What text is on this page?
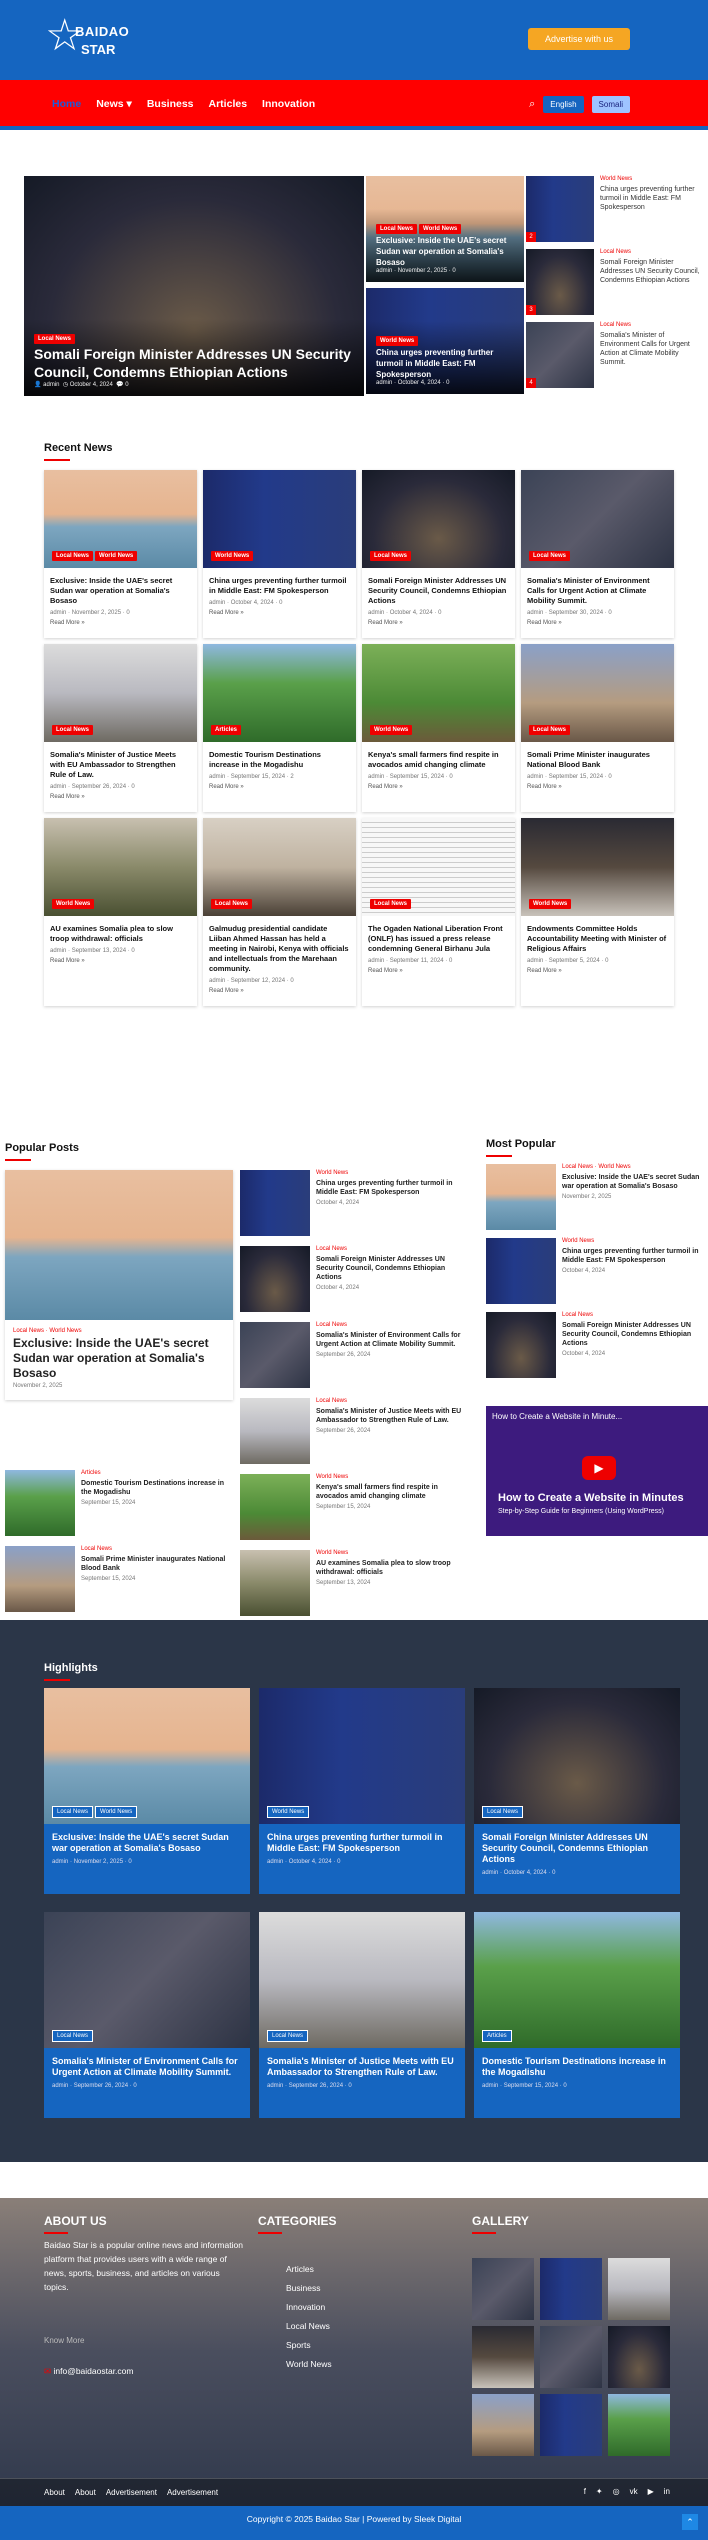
☆
BAIDAO
STAR
Advertise with us
Home News ▾ Business Articles Innovation	⌕	English	Somali
Local News
Somali Foreign Minister Addresses UN Security Council, Condemns Ethiopian Actions
👤 admin ◷ October 4, 2024 💬 0
Local News World News
Exclusive: Inside the UAE's secret Sudan war operation at Somalia's Bosaso
admin · November 2, 2025 · 0
World News
China urges preventing further turmoil in Middle East: FM Spokesperson
admin · October 4, 2024 · 0
2
World News
China urges preventing further turmoil in Middle East: FM Spokesperson
3
Local News
Somali Foreign Minister Addresses UN Security Council, Condemns Ethiopian Actions
4
Local News
Somalia's Minister of Environment Calls for Urgent Action at Climate Mobility Summit.
Recent News
Local News World News
Exclusive: Inside the UAE's secret Sudan war operation at Somalia's Bosaso
admin · November 2, 2025 · 0
Read More »
World News
China urges preventing further turmoil in Middle East: FM Spokesperson
admin · October 4, 2024 · 0
Read More »
Local News
Somali Foreign Minister Addresses UN Security Council, Condemns Ethiopian Actions
admin · October 4, 2024 · 0
Read More »
Local News
Somalia's Minister of Environment Calls for Urgent Action at Climate Mobility Summit.
admin · September 30, 2024 · 0
Read More »
Local News
Somalia's Minister of Justice Meets with EU Ambassador to Strengthen Rule of Law.
admin · September 26, 2024 · 0
Read More »
Articles
Domestic Tourism Destinations increase in the Mogadishu
admin · September 15, 2024 · 2
Read More »
World News
Kenya's small farmers find respite in avocados amid changing climate
admin · September 15, 2024 · 0
Read More »
Local News
Somali Prime Minister inaugurates National Blood Bank
admin · September 15, 2024 · 0
Read More »
World News
AU examines Somalia plea to slow troop withdrawal: officials
admin · September 13, 2024 · 0
Read More »
Local News
Galmudug presidential candidate Liiban Ahmed Hassan has held a meeting in Nairobi, Kenya with officials and intellectuals from the Marehaan community.
admin · September 12, 2024 · 0
Read More »
Local News
The Ogaden National Liberation Front (ONLF) has issued a press release condemning General Birhanu Jula
admin · September 11, 2024 · 0
Read More »
World News
Endowments Committee Holds Accountability Meeting with Minister of Religious Affairs
admin · September 5, 2024 · 0
Read More »
Popular Posts
Local News · World News
Exclusive: Inside the UAE's secret Sudan war operation at Somalia's Bosaso
November 2, 2025
World News
China urges preventing further turmoil in Middle East: FM Spokesperson
October 4, 2024
Local News
Somali Foreign Minister Addresses UN Security Council, Condemns Ethiopian Actions
October 4, 2024
Local News
Somalia's Minister of Environment Calls for Urgent Action at Climate Mobility Summit.
September 26, 2024
Local News
Somalia's Minister of Justice Meets with EU Ambassador to Strengthen Rule of Law.
September 26, 2024
World News
Kenya's small farmers find respite in avocados amid changing climate
September 15, 2024
World News
AU examines Somalia plea to slow troop withdrawal: officials
September 13, 2024
Articles
Domestic Tourism Destinations increase in the Mogadishu
September 15, 2024
Local News
Somali Prime Minister inaugurates National Blood Bank
September 15, 2024
Most Popular
Local News · World News
Exclusive: Inside the UAE's secret Sudan war operation at Somalia's Bosaso
November 2, 2025
World News
China urges preventing further turmoil in Middle East: FM Spokesperson
October 4, 2024
Local News
Somali Foreign Minister Addresses UN Security Council, Condemns Ethiopian Actions
October 4, 2024
How to Create a Website in Minute...
▶
How to Create a Website in Minutes
Step-by-Step Guide for Beginners (Using WordPress)
Highlights
Local News World News
Exclusive: Inside the UAE's secret Sudan war operation at Somalia's Bosaso
admin · November 2, 2025 · 0
World News
China urges preventing further turmoil in Middle East: FM Spokesperson
admin · October 4, 2024 · 0
Local News
Somali Foreign Minister Addresses UN Security Council, Condemns Ethiopian Actions
admin · October 4, 2024 · 0
Local News
Somalia's Minister of Environment Calls for Urgent Action at Climate Mobility Summit.
admin · September 26, 2024 · 0
Local News
Somalia's Minister of Justice Meets with EU Ambassador to Strengthen Rule of Law.
admin · September 26, 2024 · 0
Articles
Domestic Tourism Destinations increase in the Mogadishu
admin · September 15, 2024 · 0
ABOUT US
Baidao Star is a popular online news and information platform that provides users with a wide range of news, sports, business, and articles on various topics.
Know More
✉ info@baidaostar.com
CATEGORIES
Articles
Business
Innovation
Local News
Sports
World News
GALLERY
About About Advertisement Advertisement	f ✦ ◎ vk ▶ in
Copyright © 2025 Baidao Star | Powered by Sleek Digital	⌃
